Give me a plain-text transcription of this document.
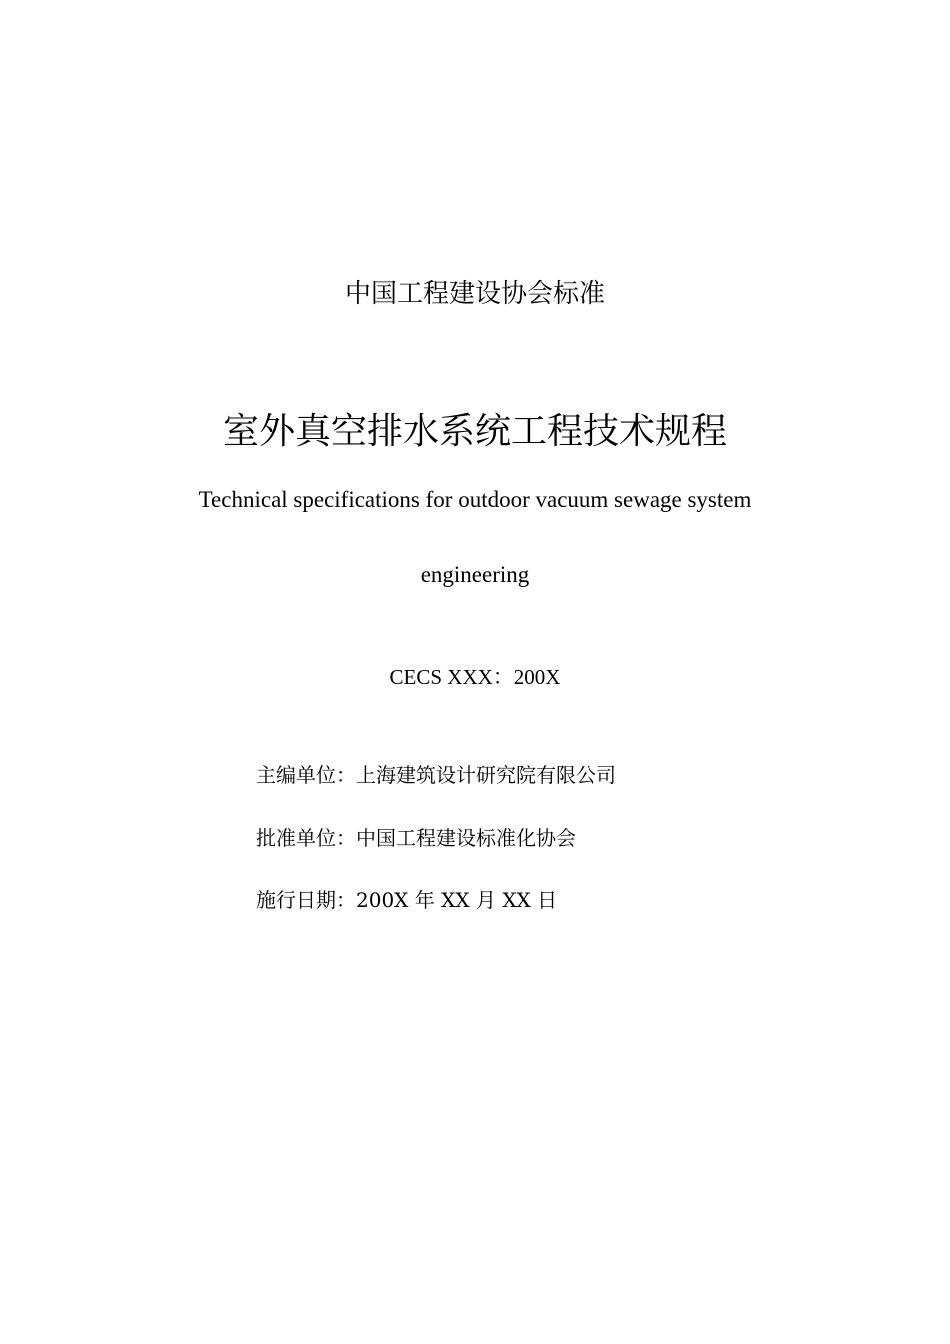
中国工程建设协会标准
室外真空排水系统工程技术规程
Technical specifications for outdoor vacuum sewage system
engineering
CECS XXX：200X
主编单位：上海建筑设计研究院有限公司
批准单位：中国工程建设标准化协会
施行日期：200X 年 XX 月 XX 日
